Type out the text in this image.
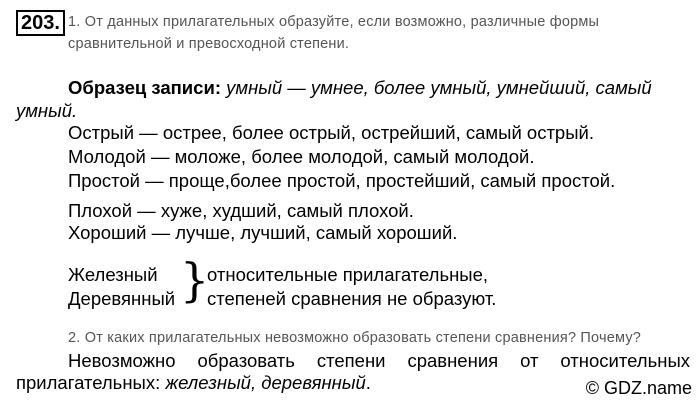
203. 1. От данных прилагательных образуйте, если возможно, различные формы
сравнительной и превосходной степени.
Образец записи: умный — умнее, более умный, умнейший, самый
умный.
Острый — острее, более острый, острейший, самый острый.
Молодой — моложе, более молодой, самый молодой.
Простой — проще,более простой, простейший, самый простой.
Плохой — хуже, худший, самый плохой.
Хороший — лучше, лучший, самый хороший.
Железный
Деревянный }
относительные прилагательные,
степеней сравнения не образуют.
2. От каких прилагательных невозможно образовать степени сравнения? Почему?
Невозможно образовать степени сравнения от относительных
прилагательных: железный, деревянный.	© GDZ.name
